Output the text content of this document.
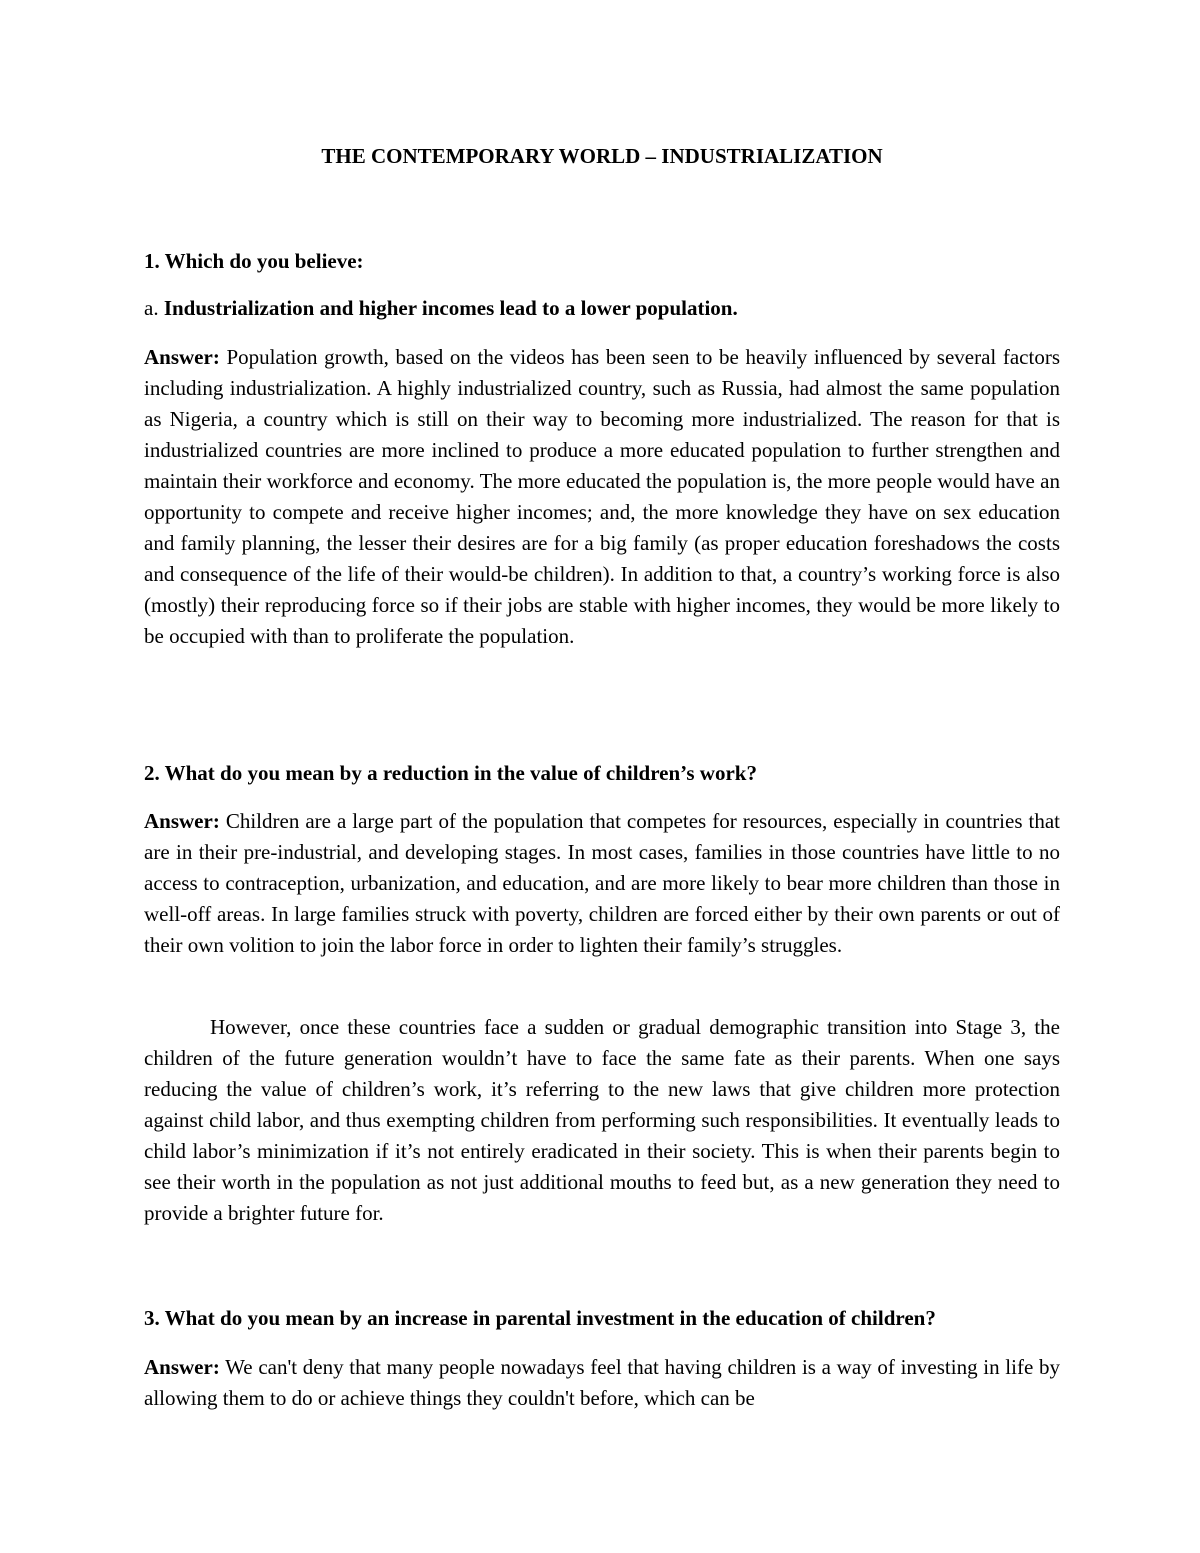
THE CONTEMPORARY WORLD – INDUSTRIALIZATION
1. Which do you believe:
a. Industrialization and higher incomes lead to a lower population.
Answer: Population growth, based on the videos has been seen to be heavily influenced by several factors including industrialization. A highly industrialized country, such as Russia, had almost the same population as Nigeria, a country which is still on their way to becoming more industrialized. The reason for that is industrialized countries are more inclined to produce a more educated population to further strengthen and maintain their workforce and economy. The more educated the population is, the more people would have an opportunity to compete and receive higher incomes; and, the more knowledge they have on sex education and family planning, the lesser their desires are for a big family (as proper education foreshadows the costs and consequence of the life of their would-be children). In addition to that, a country’s working force is also (mostly) their reproducing force so if their jobs are stable with higher incomes, they would be more likely to be occupied with than to proliferate the population.
2. What do you mean by a reduction in the value of children’s work?
Answer: Children are a large part of the population that competes for resources, especially in countries that are in their pre-industrial, and developing stages. In most cases, families in those countries have little to no access to contraception, urbanization, and education, and are more likely to bear more children than those in well-off areas. In large families struck with poverty, children are forced either by their own parents or out of their own volition to join the labor force in order to lighten their family’s struggles.
However, once these countries face a sudden or gradual demographic transition into Stage 3, the children of the future generation wouldn’t have to face the same fate as their parents. When one says reducing the value of children’s work, it’s referring to the new laws that give children more protection against child labor, and thus exempting children from performing such responsibilities. It eventually leads to child labor’s minimization if it’s not entirely eradicated in their society. This is when their parents begin to see their worth in the population as not just additional mouths to feed but, as a new generation they need to provide a brighter future for.
3. What do you mean by an increase in parental investment in the education of children?
Answer: We can't deny that many people nowadays feel that having children is a way of investing in life by allowing them to do or achieve things they couldn't before, which can be
